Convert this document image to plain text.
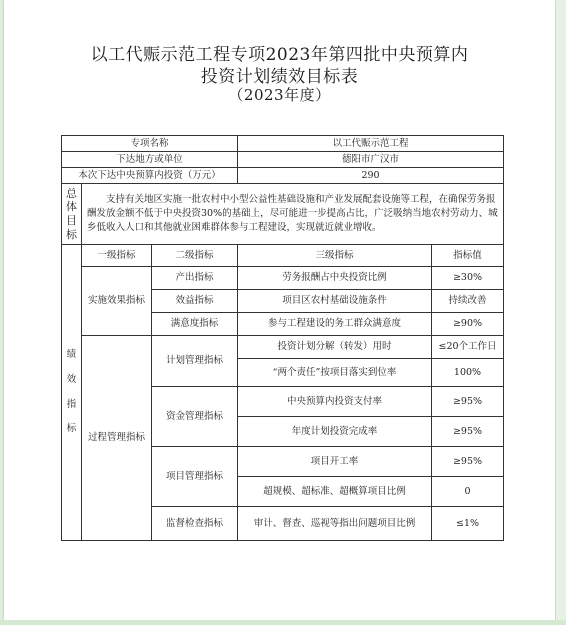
以工代赈示范工程专项2023年第四批中央预算内
投资计划绩效目标表
（2023年度）
专项名称			以工代赈示范工程	
下达地方或单位			德阳市广汉市	
本次下达中央预算内投资（万元）			290	

总
体
目
标	支持有关地区实施一批农村中小型公益性基础设施和产业发展配套设施等工程，在确保劳务报酬发放金额不低于中央投资30%的基础上，尽可能进一步提高占比，广泛吸纳当地农村劳动力、城乡低收入人口和其他就业困难群体参与工程建设，实现就近就业增收。			

绩
效
指
标	一级指标	二级指标	三级指标	指标值
	实施效果指标	产出指标	劳务报酬占中央投资比例	≥30%
		效益指标	项目区农村基础设施条件	持续改善
		满意度指标	参与工程建设的务工群众满意度	≥90%
	过程管理指标	计划管理指标	投资计划分解（转发）用时	≤20个工作日
			“两个责任”按项目落实到位率	100%
		资金管理指标	中央预算内投资支付率	≥95%
			年度计划投资完成率	≥95%
		项目管理指标	项目开工率	≥95%
			超规模、超标准、超概算项目比例	0
		监督检查指标	审计、督查、巡视等指出问题项目比例	≤1%
